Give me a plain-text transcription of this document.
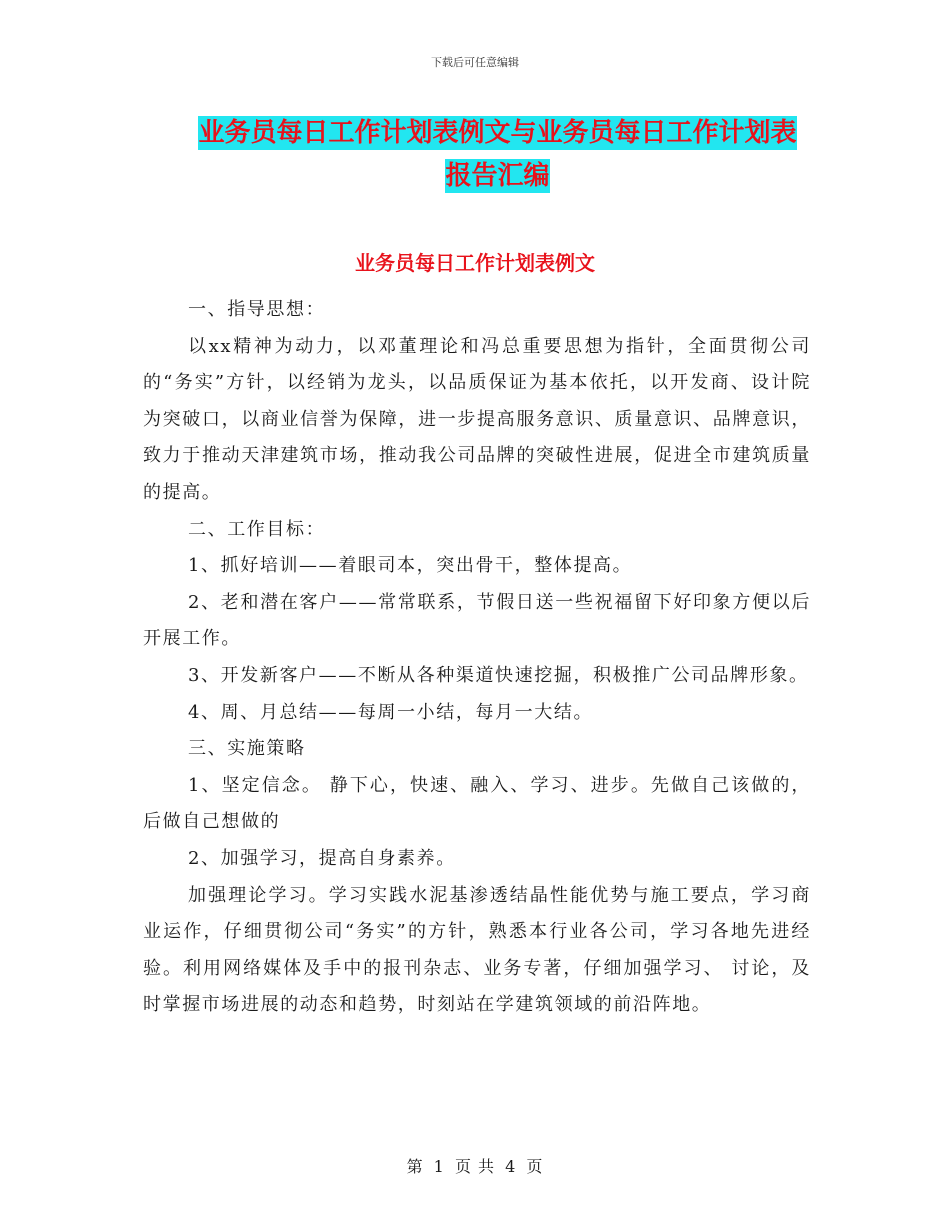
下载后可任意编辑
业务员每日工作计划表例文与业务员每日工作计划表
报告汇编
业务员每日工作计划表例文

一、指导思想：

以xx精神为动力，以邓董理论和冯总重要思想为指针，全面贯彻公司的“务实”方针，以经销为龙头，以品质保证为基本依托，以开发商、设计院为突破口，以商业信誉为保障，进一步提高服务意识、质量意识、品牌意识，致力于推动天津建筑市场，推动我公司品牌的突破性进展，促进全市建筑质量的提高。

二、工作目标：

1、抓好培训——着眼司本，突出骨干，整体提高。

2、老和潜在客户——常常联系，节假日送一些祝福留下好印象方便以后开展工作。

3、开发新客户——不断从各种渠道快速挖掘，积极推广公司品牌形象。

4、周、月总结——每周一小结，每月一大结。

三、实施策略

1、坚定信念。 静下心，快速、融入、学习、进步。先做自己该做的，后做自己想做的

2、加强学习，提高自身素养。

加强理论学习。学习实践水泥基渗透结晶性能优势与施工要点，学习商业运作，仔细贯彻公司“务实”的方针，熟悉本行业各公司，学习各地先进经验。利用网络媒体及手中的报刊杂志、业务专著，仔细加强学习、 讨论，及时掌握市场进展的动态和趋势，时刻站在学建筑领域的前沿阵地。

第 1 页 共 4 页
